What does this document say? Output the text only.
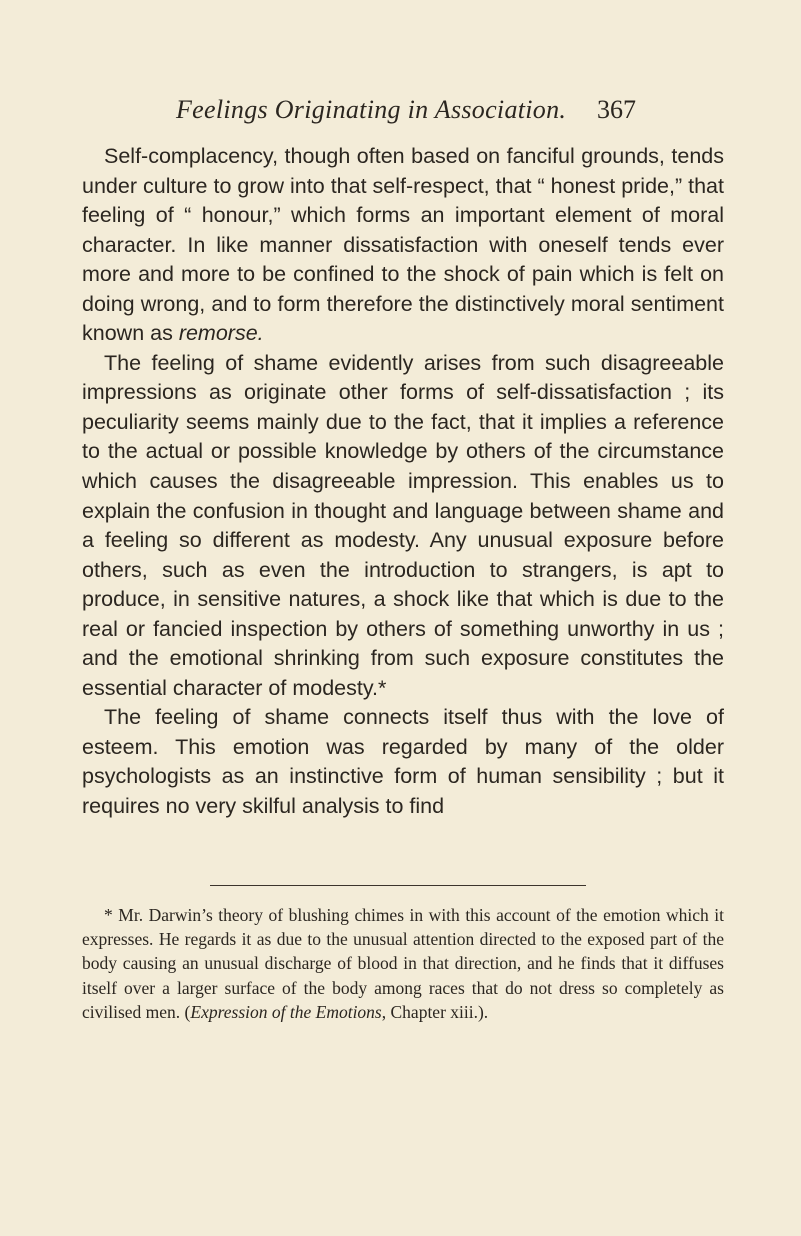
Feelings Originating in Association. 367

Self-complacency, though often based on fanciful grounds, tends under culture to grow into that self-respect, that “ honest pride,” that feeling of “ honour,” which forms an important element of moral character. In like manner dissatisfaction with oneself tends ever more and more to be confined to the shock of pain which is felt on doing wrong, and to form therefore the distinctively moral sentiment known as remorse.

The feeling of shame evidently arises from such disagreeable impressions as originate other forms of self-dissatisfaction ; its peculiarity seems mainly due to the fact, that it implies a reference to the actual or possible knowledge by others of the circumstance which causes the disagreeable impression. This enables us to explain the confusion in thought and language between shame and a feeling so different as modesty. Any unusual exposure before others, such as even the introduction to strangers, is apt to produce, in sensitive natures, a shock like that which is due to the real or fancied inspection by others of something unworthy in us ; and the emotional shrinking from such exposure constitutes the essential character of modesty.*

The feeling of shame connects itself thus with the love of esteem. This emotion was regarded by many of the older psychologists as an instinctive form of human sensibility ; but it requires no very skilful analysis to find

* Mr. Darwin’s theory of blushing chimes in with this account of the emotion which it expresses. He regards it as due to the unusual attention directed to the exposed part of the body causing an unusual discharge of blood in that direction, and he finds that it diffuses itself over a larger surface of the body among races that do not dress so completely as civilised men. (Expression of the Emotions, Chapter xiii.).
